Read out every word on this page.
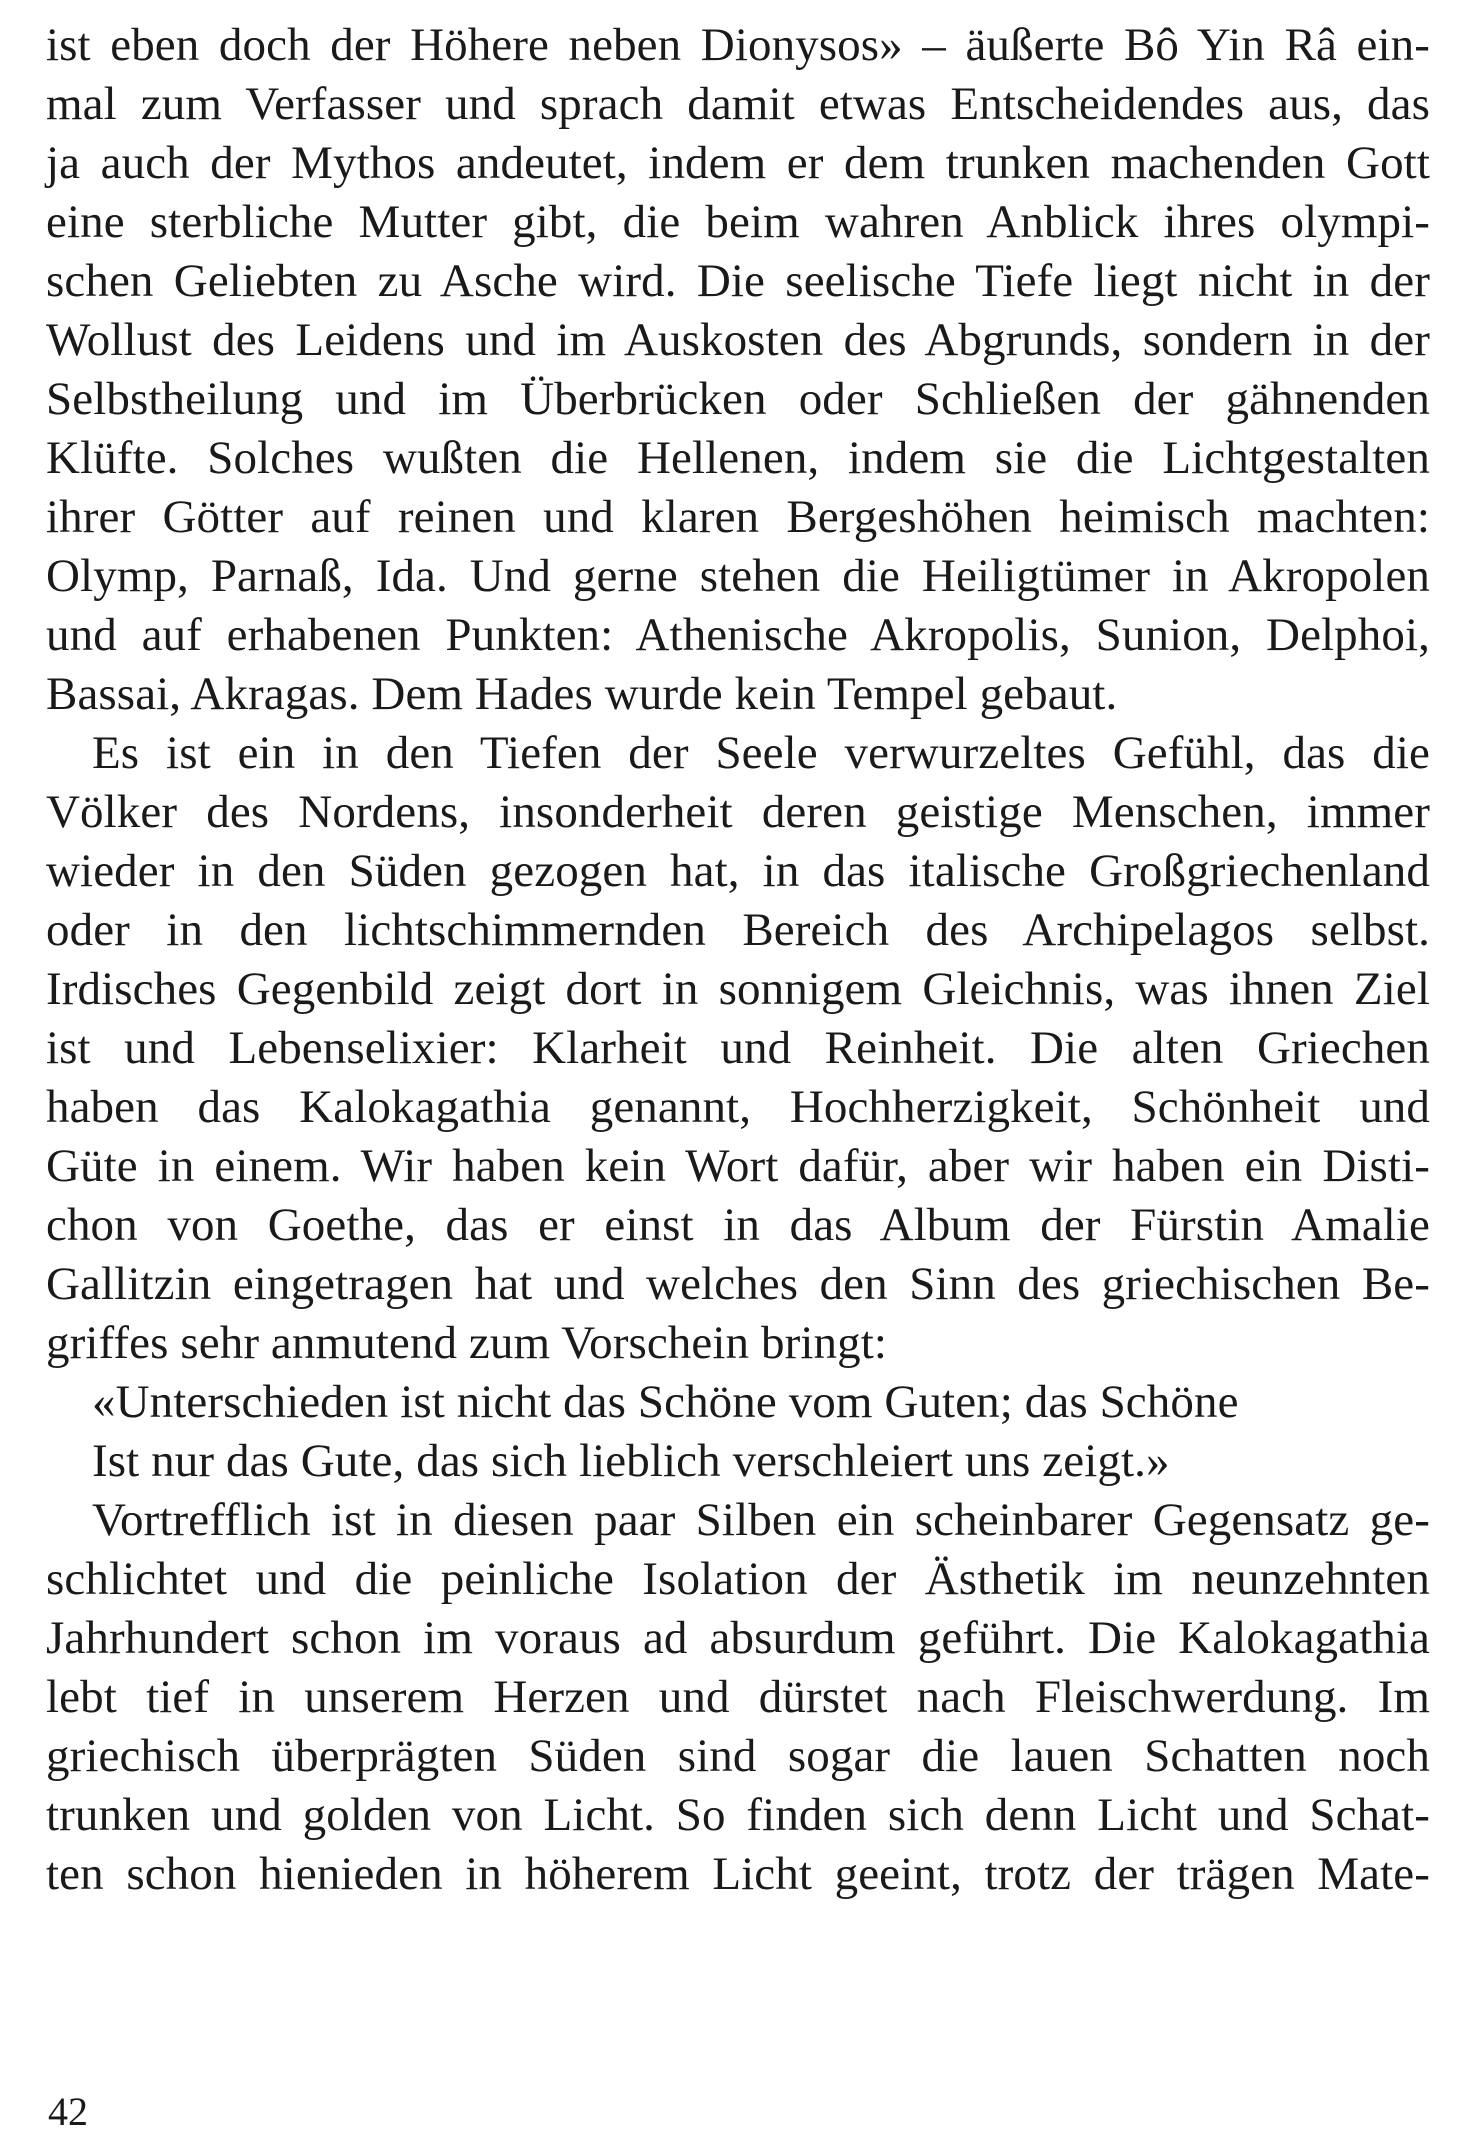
ist eben doch der Höhere neben Dionysos» – äußerte Bô Yin Râ ein-
mal zum Verfasser und sprach damit etwas Entscheidendes aus, das
ja auch der Mythos andeutet, indem er dem trunken machenden Gott
eine sterbliche Mutter gibt, die beim wahren Anblick ihres olympi-
schen Geliebten zu Asche wird. Die seelische Tiefe liegt nicht in der
Wollust des Leidens und im Auskosten des Abgrunds, sondern in der
Selbstheilung und im Überbrücken oder Schließen der gähnenden
Klüfte. Solches wußten die Hellenen, indem sie die Lichtgestalten
ihrer Götter auf reinen und klaren Bergeshöhen heimisch machten:
Olymp, Parnaß, Ida. Und gerne stehen die Heiligtümer in Akropolen
und auf erhabenen Punkten: Athenische Akropolis, Sunion, Delphoi,
Bassai, Akragas. Dem Hades wurde kein Tempel gebaut.
Es ist ein in den Tiefen der Seele verwurzeltes Gefühl, das die
Völker des Nordens, insonderheit deren geistige Menschen, immer
wieder in den Süden gezogen hat, in das italische Großgriechenland
oder in den lichtschimmernden Bereich des Archipelagos selbst.
Irdisches Gegenbild zeigt dort in sonnigem Gleichnis, was ihnen Ziel
ist und Lebenselixier: Klarheit und Reinheit. Die alten Griechen
haben das Kalokagathia genannt, Hochherzigkeit, Schönheit und
Güte in einem. Wir haben kein Wort dafür, aber wir haben ein Disti-
chon von Goethe, das er einst in das Album der Fürstin Amalie
Gallitzin eingetragen hat und welches den Sinn des griechischen Be-
griffes sehr anmutend zum Vorschein bringt:
«Unterschieden ist nicht das Schöne vom Guten; das Schöne
Ist nur das Gute, das sich lieblich verschleiert uns zeigt.»
Vortrefflich ist in diesen paar Silben ein scheinbarer Gegensatz ge-
schlichtet und die peinliche Isolation der Ästhetik im neunzehnten
Jahrhundert schon im voraus ad absurdum geführt. Die Kalokagathia
lebt tief in unserem Herzen und dürstet nach Fleischwerdung. Im
griechisch überprägten Süden sind sogar die lauen Schatten noch
trunken und golden von Licht. So finden sich denn Licht und Schat-
ten schon hienieden in höherem Licht geeint, trotz der trägen Mate-
42
